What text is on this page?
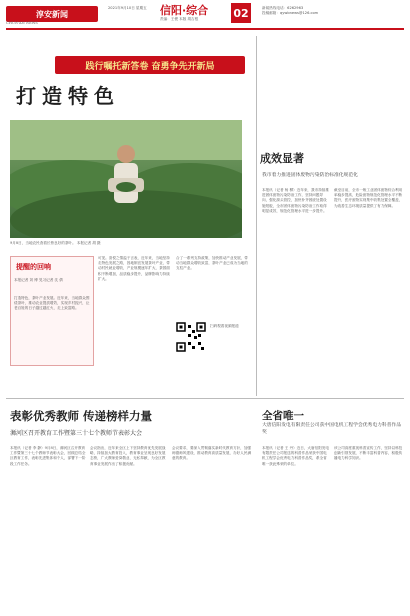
淳安新闻
CHUN'AN NEWS
2021年9月10日 星期五 信阳·综合
责编：王俊 本版 胡吉根	02	新闻热线电话：6262963
投稿邮箱：qywbnews@126.com
践行嘱托新答卷 奋勇争先开新局
打造特色
9月8日，当地农民查看长势良好的茶叶。 本报记者 胡 摄
提醒的回响
本报记者 刘 博 见习记者 沈 倩
打造特色，茶叶产业发展。近年来，当地群众围绕茶叶，推动农业提质增效，实现乡村振兴，让老百姓的日子越过越红火，走上致富路。
可见。喜悦之情溢于言表，近年来，当地坚持走特色发展之路，因地制宜发展茶叶产业，带动村民就业增收，产业规模逐年扩大，茶园面积不断增加，品质稳步提升，品牌影响力持续扩大。
合了一系列支持政策，加快推动产业发展，带动当地群众增收致富，茶叶产业已成为当地的支柱产业。
扫码观看视频报道
成效显著
我市着力推进固体废物污染防治标准化规范化
本报讯（记者 杨 柳）近年来，我市持续推进固体废物污染防治工作，坚持问题导向，强化源头管控，加快补齐固废处置设施短板，全市固体废物污染防治工作取得明显成效，规范化管理水平进一步提升。
截至目前，全市一般工业固体废物综合利用率稳步提高，危险废物规范化管理水平不断提升，医疗废物实现集中收集处置全覆盖，为改善生态环境质量提供了有力保障。
表彰优秀教师 传递榜样力量
浉河区召开教育工作暨第三十七个教师节表彰大会
本报讯（记者 李 静）9月8日，浉河区召开教育工作暨第三十七个教师节表彰大会，回顾总结全区教育工作，表彰先进集体和个人，部署下一阶段工作任务。
会议指出，近年来全区上下坚持教育优先发展战略，持续加大教育投入，教育事业呈现良好发展态势，广大教师爱岗敬业、无私奉献，为全区教育事业发展作出了积极贡献。
会议要求，要深入贯彻落实新时代教育方针，加强师德师风建设，推动教育高质量发展，办好人民满意的教育。
全省唯一
大唐信阳发电有限责任公司获中国电机工程学会优秀电力科普作品奖
本报讯（记者 王 丹）近日，大唐信阳发电有限责任公司报送的科普作品荣获中国电机工程学会优秀电力科普作品奖，系全省唯一获此殊荣的单位。
该公司高度重视科普宣传工作，坚持以科技创新引领发展，不断丰富科普内容，积极传播电力科学知识。
